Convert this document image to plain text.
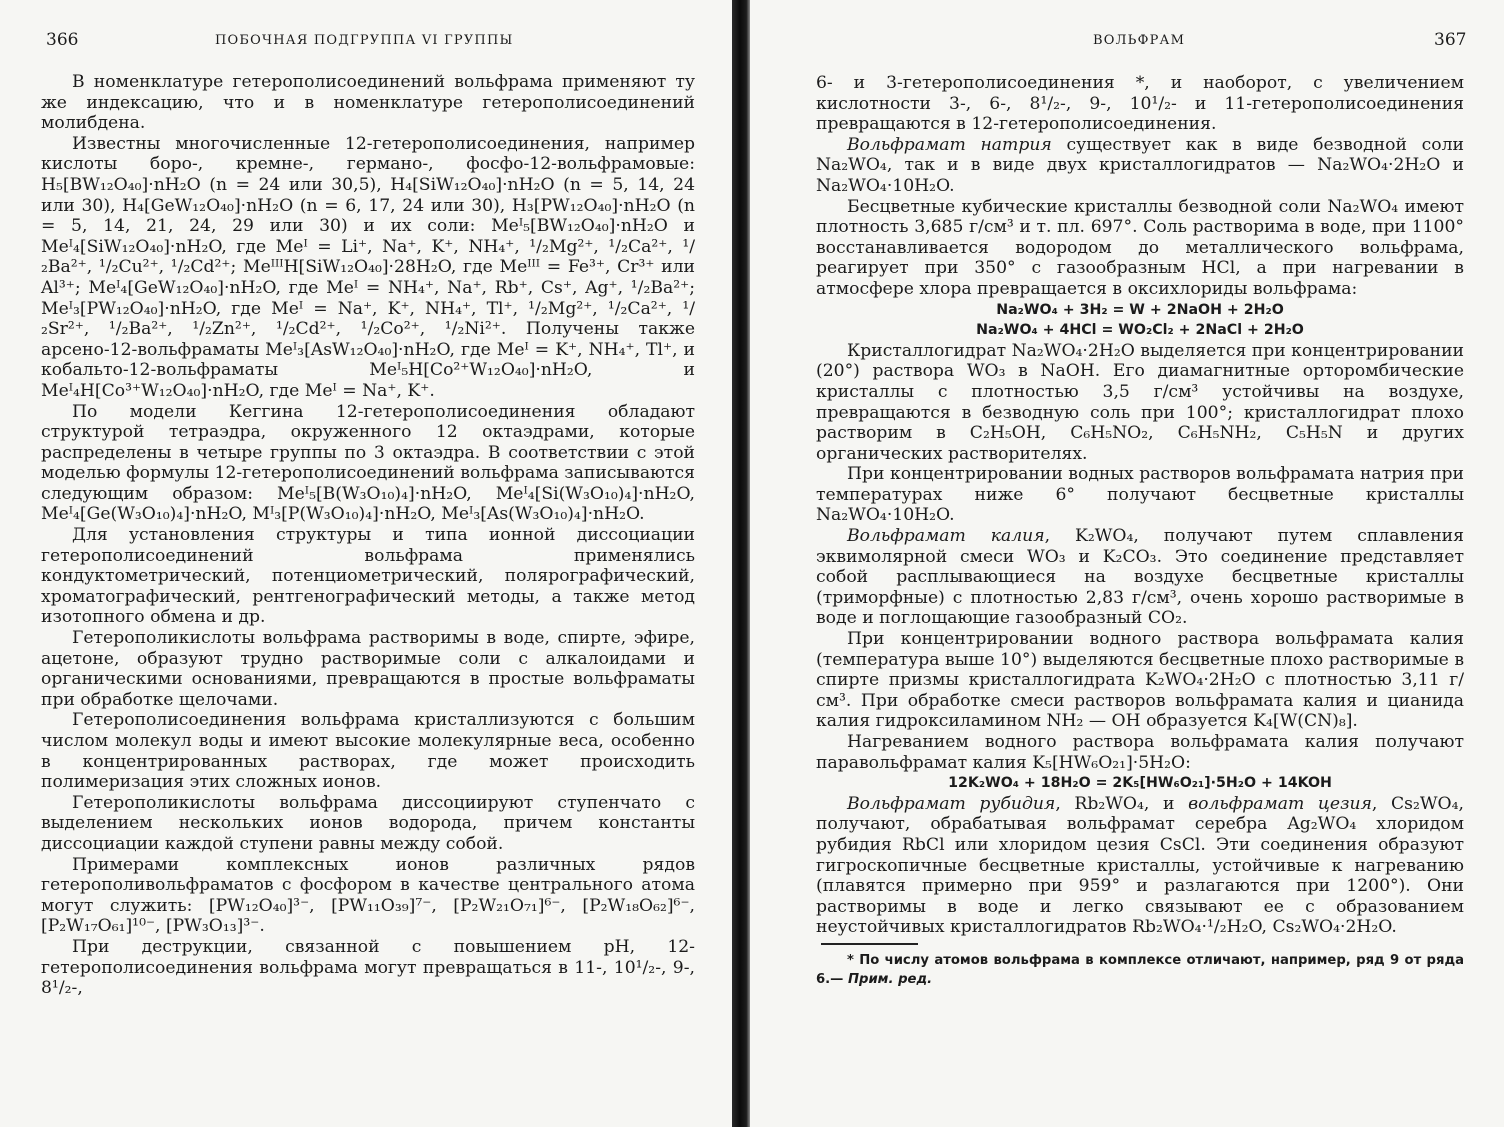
366	ПОБОЧНАЯ ПОДГРУППА VI ГРУППЫ

В номенклатуре гетерополисоединений вольфрама применяют ту же индексацию, что и в номенклатуре гетерополисоединений молибдена.

Известны многочисленные 12-гетерополисоединения, например кислоты боро-, кремне-, германо-, фосфо-12-вольфрамовые: H₅[BW₁₂O₄₀]·nH₂O (n = 24 или 30,5), H₄[SiW₁₂O₄₀]·nH₂O (n = 5, 14, 24 или 30), H₄[GeW₁₂O₄₀]·nH₂O (n = 6, 17, 24 или 30), H₃[PW₁₂O₄₀]·nH₂O (n = 5, 14, 21, 24, 29 или 30) и их соли: Meᴵ₅[BW₁₂O₄₀]·nH₂O и Meᴵ₄[SiW₁₂O₄₀]·nH₂O, где Meᴵ = Li⁺, Na⁺, K⁺, NH₄⁺, ¹/₂Mg²⁺, ¹/₂Ca²⁺, ¹/₂Ba²⁺, ¹/₂Cu²⁺, ¹/₂Cd²⁺; MeᴵᴵᴵH[SiW₁₂O₄₀]·28H₂O, где Meᴵᴵᴵ = Fe³⁺, Cr³⁺ или Al³⁺; Meᴵ₄[GeW₁₂O₄₀]·nH₂O, где Meᴵ = NH₄⁺, Na⁺, Rb⁺, Cs⁺, Ag⁺, ¹/₂Ba²⁺; Meᴵ₃[PW₁₂O₄₀]·nH₂O, где Meᴵ = Na⁺, K⁺, NH₄⁺, Tl⁺, ¹/₂Mg²⁺, ¹/₂Ca²⁺, ¹/₂Sr²⁺, ¹/₂Ba²⁺, ¹/₂Zn²⁺, ¹/₂Cd²⁺, ¹/₂Co²⁺, ¹/₂Ni²⁺. Получены также арсено-12-вольфраматы Meᴵ₃[AsW₁₂O₄₀]·nH₂O, где Meᴵ = K⁺, NH₄⁺, Tl⁺, и кобальто-12-вольфраматы Meᴵ₅H[Co²⁺W₁₂O₄₀]·nH₂O, и Meᴵ₄H[Co³⁺W₁₂O₄₀]·nH₂O, где Meᴵ = Na⁺, K⁺.

По модели Кеггина 12-гетерополисоединения обладают структурой тетраэдра, окруженного 12 октаэдрами, которые распределены в четыре группы по 3 октаэдра. В соответствии с этой моделью формулы 12-гетерополисоединений вольфрама записываются следующим образом: Meᴵ₅[B(W₃O₁₀)₄]·nH₂O, Meᴵ₄[Si(W₃O₁₀)₄]·nH₂O, Meᴵ₄[Ge(W₃O₁₀)₄]·nH₂O, Mᴵ₃[P(W₃O₁₀)₄]·nH₂O, Meᴵ₃[As(W₃O₁₀)₄]·nH₂O.

Для установления структуры и типа ионной диссоциации гетерополисоединений вольфрама применялись кондуктометрический, потенциометрический, полярографический, хроматографический, рентгенографический методы, а также метод изотопного обмена и др.

Гетерополикислоты вольфрама растворимы в воде, спирте, эфире, ацетоне, образуют трудно растворимые соли с алкалоидами и органическими основаниями, превращаются в простые вольфраматы при обработке щелочами.

Гетерополисоединения вольфрама кристаллизуются с большим числом молекул воды и имеют высокие молекулярные веса, особенно в концентрированных растворах, где может происходить полимеризация этих сложных ионов.

Гетерополикислоты вольфрама диссоциируют ступенчато с выделением нескольких ионов водорода, причем константы диссоциации каждой ступени равны между собой.

Примерами комплексных ионов различных рядов гетерополивольфраматов с фосфором в качестве центрального атома могут служить: [PW₁₂O₄₀]³⁻, [PW₁₁O₃₉]⁷⁻, [P₂W₂₁O₇₁]⁶⁻, [P₂W₁₈O₆₂]⁶⁻, [P₂W₁₇O₆₁]¹⁰⁻, [PW₃O₁₃]³⁻.

При деструкции, связанной с повышением pH, 12-гетерополисоединения вольфрама могут превращаться в 11-, 10¹/₂-, 9-, 8¹/₂-,

ВОЛЬФРАМ	367

6- и 3-гетерополисоединения *, и наоборот, с увеличением кислотности 3-, 6-, 8¹/₂-, 9-, 10¹/₂- и 11-гетерополисоединения превращаются в 12-гетерополисоединения.

Вольфрамат натрия существует как в виде безводной соли Na₂WO₄, так и в виде двух кристаллогидратов — Na₂WO₄·2H₂O и Na₂WO₄·10H₂O.

Бесцветные кубические кристаллы безводной соли Na₂WO₄ имеют плотность 3,685 г/см³ и т. пл. 697°. Соль растворима в воде, при 1100° восстанавливается водородом до металлического вольфрама, реагирует при 350° с газообразным HCl, а при нагревании в атмосфере хлора превращается в оксихлориды вольфрама:

Na₂WO₄ + 3H₂ = W + 2NaOH + 2H₂O
Na₂WO₄ + 4HCl = WO₂Cl₂ + 2NaCl + 2H₂O

Кристаллогидрат Na₂WO₄·2H₂O выделяется при концентрировании (20°) раствора WO₃ в NaOH. Его диамагнитные орторомбические кристаллы с плотностью 3,5 г/см³ устойчивы на воздухе, превращаются в безводную соль при 100°; кристаллогидрат плохо растворим в C₂H₅OH, C₆H₅NO₂, C₆H₅NH₂, C₅H₅N и других органических растворителях.

При концентрировании водных растворов вольфрамата натрия при температурах ниже 6° получают бесцветные кристаллы Na₂WO₄·10H₂O.

Вольфрамат калия, K₂WO₄, получают путем сплавления эквимолярной смеси WO₃ и K₂CO₃. Это соединение представляет собой расплывающиеся на воздухе бесцветные кристаллы (триморфные) с плотностью 2,83 г/см³, очень хорошо растворимые в воде и поглощающие газообразный CO₂.

При концентрировании водного раствора вольфрамата калия (температура выше 10°) выделяются бесцветные плохо растворимые в спирте призмы кристаллогидрата K₂WO₄·2H₂O с плотностью 3,11 г/см³. При обработке смеси растворов вольфрамата калия и цианида калия гидроксиламином NH₂ — OH образуется K₄[W(CN)₈].

Нагреванием водного раствора вольфрамата калия получают паравольфрамат калия K₅[HW₆O₂₁]·5H₂O:

12K₂WO₄ + 18H₂O = 2K₅[HW₆O₂₁]·5H₂O + 14KOH

Вольфрамат рубидия, Rb₂WO₄, и вольфрамат цезия, Cs₂WO₄, получают, обрабатывая вольфрамат серебра Ag₂WO₄ хлоридом рубидия RbCl или хлоридом цезия CsCl. Эти соединения образуют гигроскопичные бесцветные кристаллы, устойчивые к нагреванию (плавятся примерно при 959° и разлагаются при 1200°). Они растворимы в воде и легко связывают ее с образованием неустойчивых кристаллогидратов Rb₂WO₄·¹/₂H₂O, Cs₂WO₄·2H₂O.

* По числу атомов вольфрама в комплексе отличают, например, ряд 9 от ряда 6.— Прим. ред.
